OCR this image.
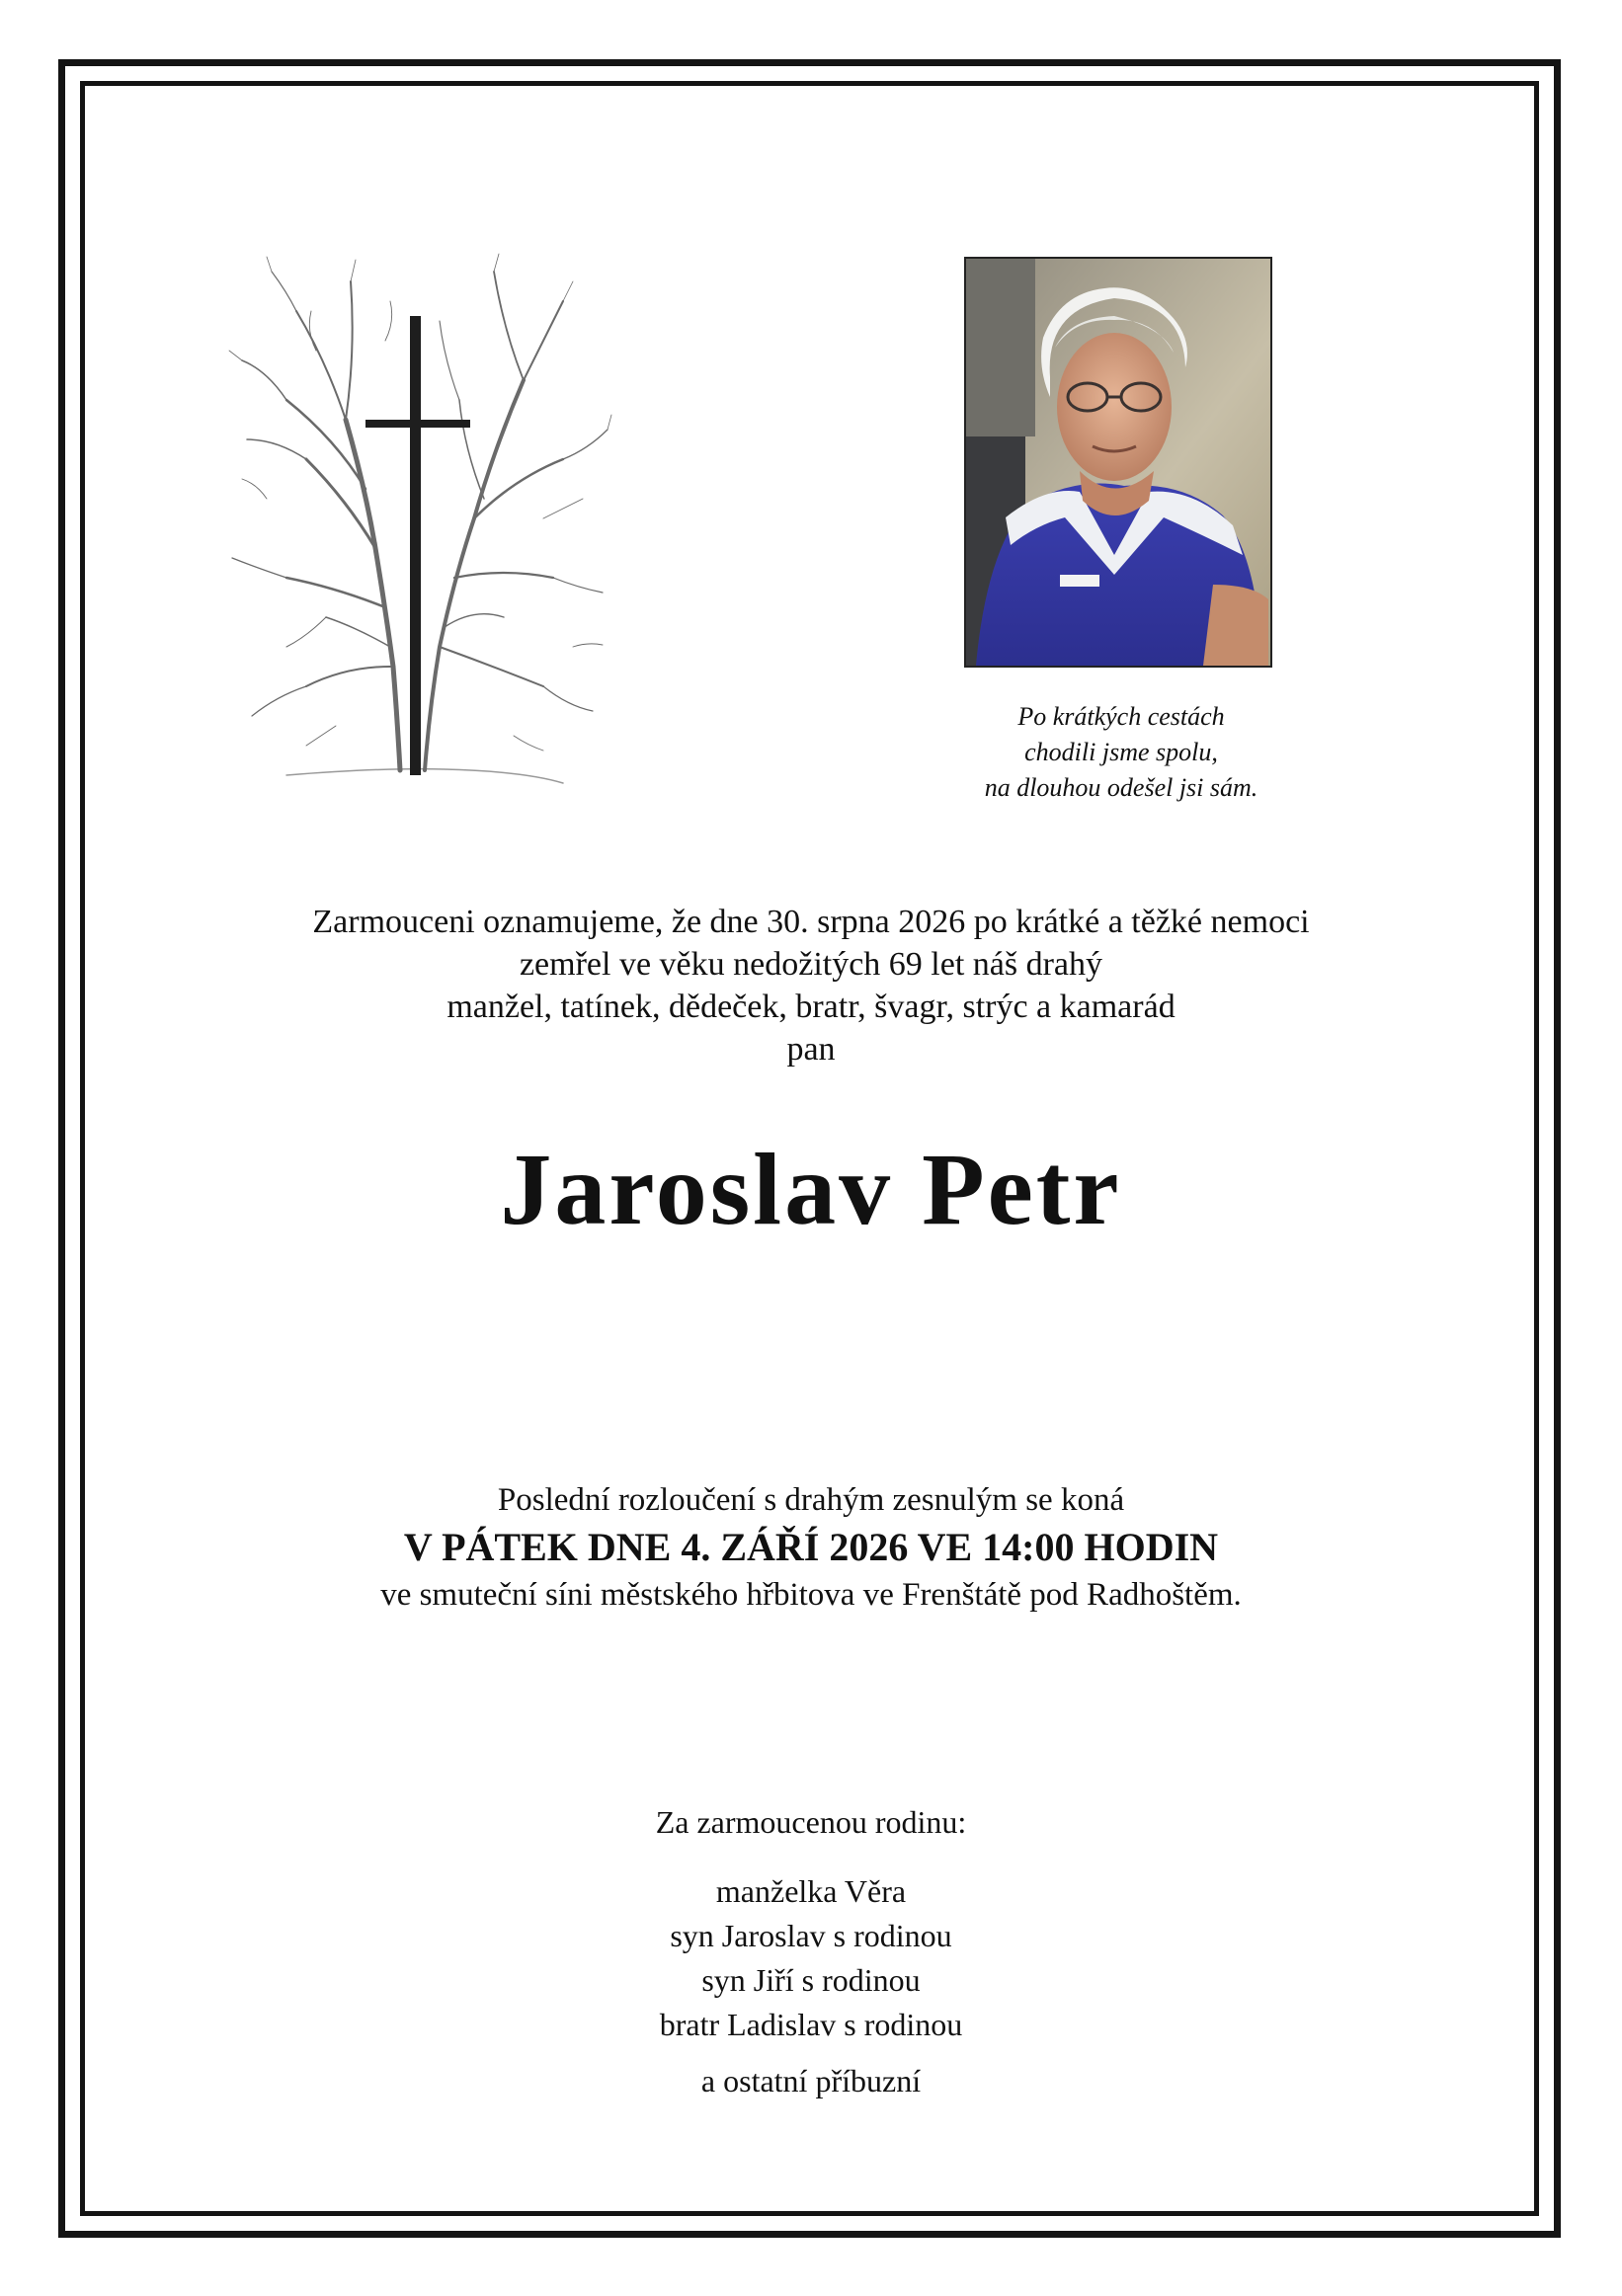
Po krátkých cestách
chodili jsme spolu,
na dlouhou odešel jsi sám.
Zarmouceni oznamujeme, že dne 30. srpna 2026 po krátké a těžké nemoci
zemřel ve věku nedožitých 69 let náš drahý
manžel, tatínek, dědeček, bratr, švagr, strýc a kamarád
pan
Jaroslav Petr
Poslední rozloučení s drahým zesnulým se koná
V PÁTEK DNE 4. ZÁŘÍ 2026 VE 14:00 HODIN
ve smuteční síni městského hřbitova ve Frenštátě pod Radhoštěm.
Za zarmoucenou rodinu:
manželka Věra
syn Jaroslav s rodinou
syn Jiří s rodinou
bratr Ladislav s rodinou
a ostatní příbuzní
